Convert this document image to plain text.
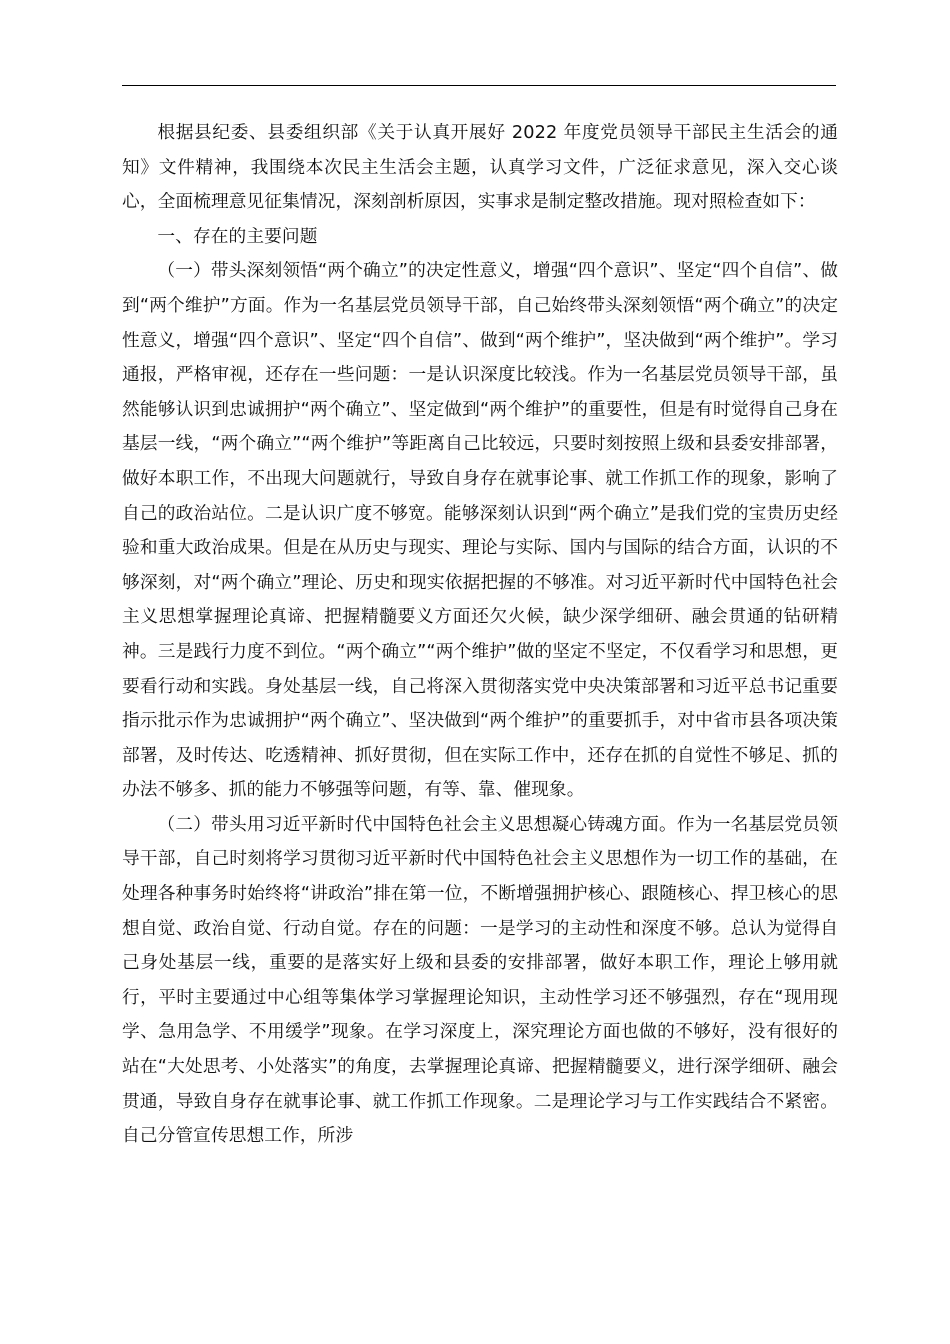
根据县纪委、县委组织部《关于认真开展好 2022 年度党员领导干部民主生活会的通知》文件精神，我围绕本次民主生活会主题，认真学习文件，广泛征求意见，深入交心谈心，全面梳理意见征集情况，深刻剖析原因，实事求是制定整改措施。现对照检查如下：

一、存在的主要问题

（一）带头深刻领悟“两个确立”的决定性意义，增强“四个意识”、坚定“四个自信”、做到“两个维护”方面。作为一名基层党员领导干部，自己始终带头深刻领悟“两个确立”的决定性意义，增强“四个意识”、坚定“四个自信”、做到“两个维护”，坚决做到“两个维护”。学习通报，严格审视，还存在一些问题：一是认识深度比较浅。作为一名基层党员领导干部，虽然能够认识到忠诚拥护“两个确立”、坚定做到“两个维护”的重要性，但是有时觉得自己身在基层一线，“两个确立”“两个维护”等距离自己比较远，只要时刻按照上级和县委安排部署，做好本职工作，不出现大问题就行，导致自身存在就事论事、就工作抓工作的现象，影响了自己的政治站位。二是认识广度不够宽。能够深刻认识到“两个确立”是我们党的宝贵历史经验和重大政治成果。但是在从历史与现实、理论与实际、国内与国际的结合方面，认识的不够深刻，对“两个确立”理论、历史和现实依据把握的不够准。对习近平新时代中国特色社会主义思想掌握理论真谛、把握精髓要义方面还欠火候，缺少深学细研、融会贯通的钻研精神。三是践行力度不到位。“两个确立”“两个维护”做的坚定不坚定，不仅看学习和思想，更要看行动和实践。身处基层一线，自己将深入贯彻落实党中央决策部署和习近平总书记重要指示批示作为忠诚拥护“两个确立”、坚决做到“两个维护”的重要抓手，对中省市县各项决策部署，及时传达、吃透精神、抓好贯彻，但在实际工作中，还存在抓的自觉性不够足、抓的办法不够多、抓的能力不够强等问题，有等、靠、催现象。

（二）带头用习近平新时代中国特色社会主义思想凝心铸魂方面。作为一名基层党员领导干部，自己时刻将学习贯彻习近平新时代中国特色社会主义思想作为一切工作的基础，在处理各种事务时始终将“讲政治”排在第一位，不断增强拥护核心、跟随核心、捍卫核心的思想自觉、政治自觉、行动自觉。存在的问题：一是学习的主动性和深度不够。总认为觉得自己身处基层一线，重要的是落实好上级和县委的安排部署，做好本职工作，理论上够用就行，平时主要通过中心组等集体学习掌握理论知识，主动性学习还不够强烈，存在“现用现学、急用急学、不用缓学”现象。在学习深度上，深究理论方面也做的不够好，没有很好的站在“大处思考、小处落实”的角度，去掌握理论真谛、把握精髓要义，进行深学细研、融会贯通，导致自身存在就事论事、就工作抓工作现象。二是理论学习与工作实践结合不紧密。自己分管宣传思想工作，所涉
